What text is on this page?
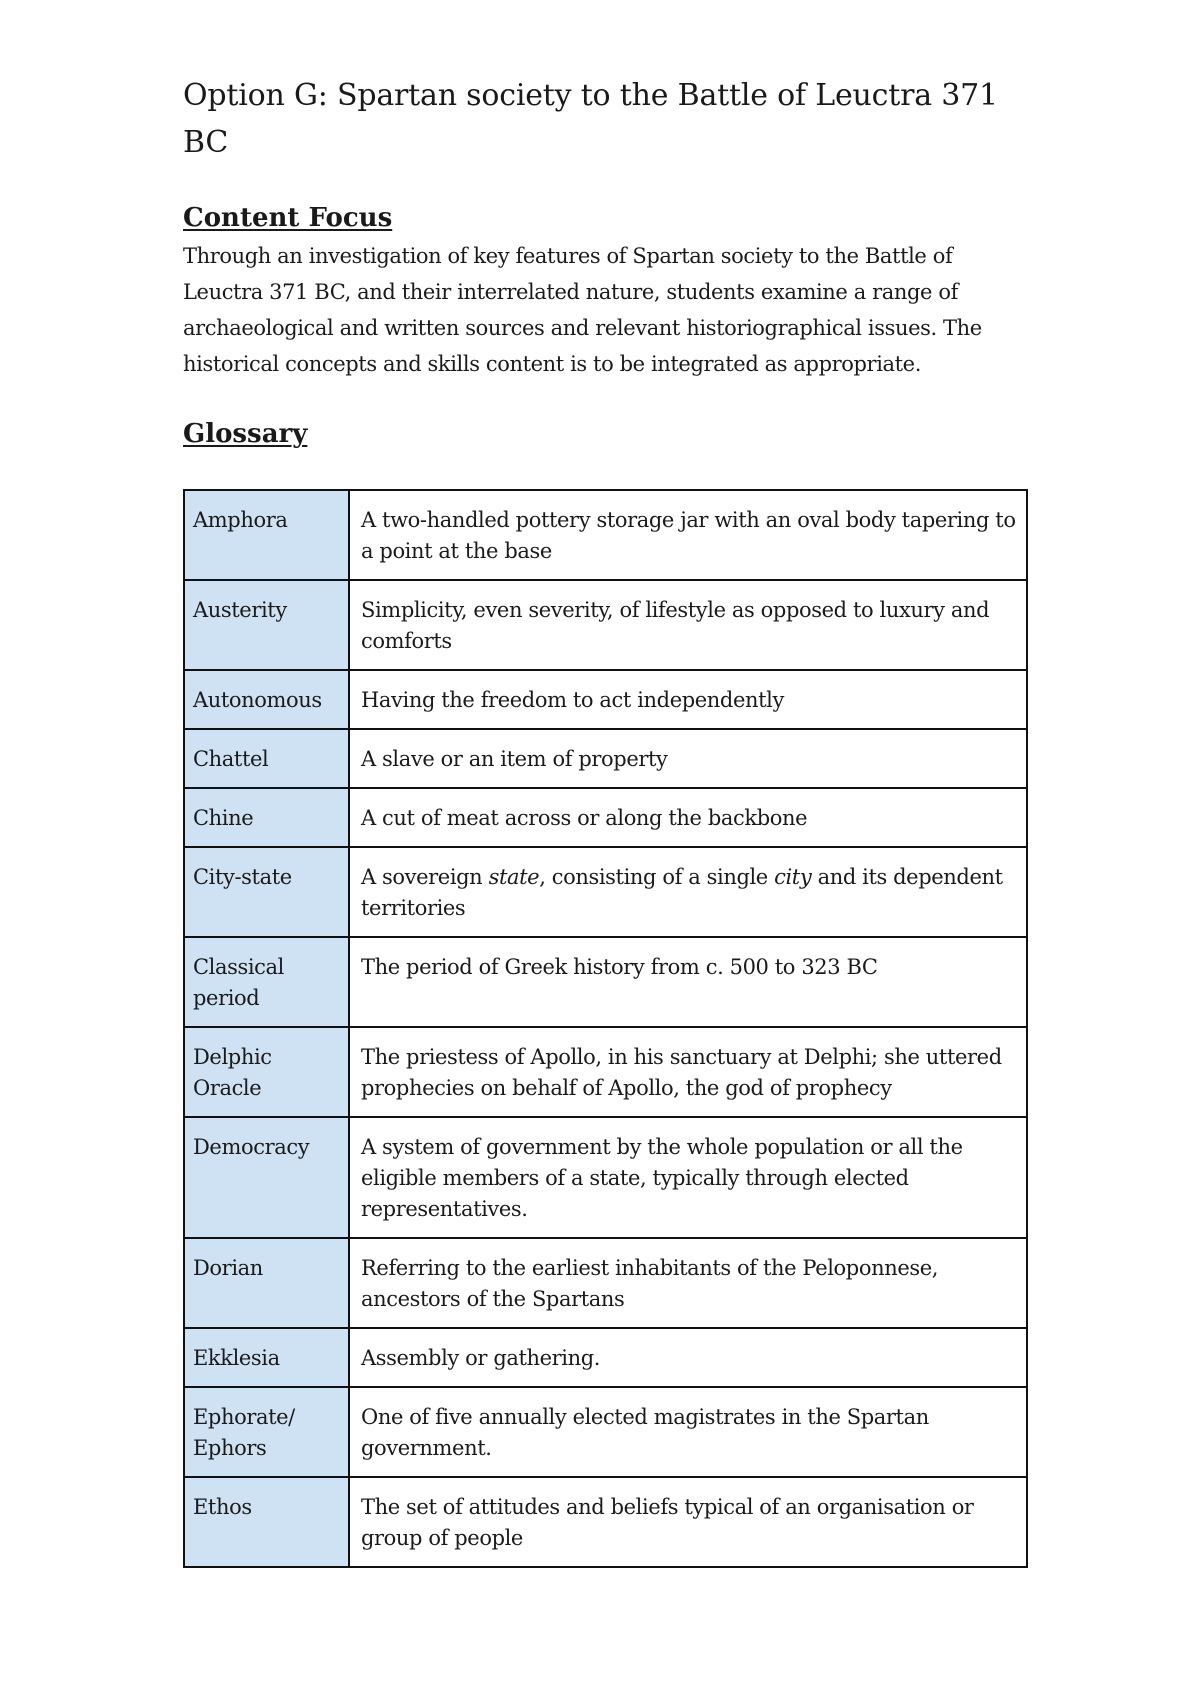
Option G: Spartan society to the Battle of Leuctra 371 BC
Content Focus

Through an investigation of key features of Spartan society to the Battle of Leuctra 371 BC, and their interrelated nature, students examine a range of archaeological and written sources and relevant historiographical issues. The historical concepts and skills content is to be integrated as appropriate.

Glossary
Amphora	A two-handled pottery storage jar with an oval body tapering to a point at the base
Austerity	Simplicity, even severity, of lifestyle as opposed to luxury and comforts
Autonomous	Having the freedom to act independently
Chattel	A slave or an item of property
Chine	A cut of meat across or along the backbone
City-state	A sovereign state, consisting of a single city and its dependent territories
Classical period	The period of Greek history from c. 500 to 323 BC
Delphic Oracle	The priestess of Apollo, in his sanctuary at Delphi; she uttered prophecies on behalf of Apollo, the god of prophecy
Democracy	A system of government by the whole population or all the eligible members of a state, typically through elected representatives.
Dorian	Referring to the earliest inhabitants of the Peloponnese, ancestors of the Spartans
Ekklesia	Assembly or gathering.
Ephorate/ Ephors	One of five annually elected magistrates in the Spartan government.
Ethos	The set of attitudes and beliefs typical of an organisation or group of people
